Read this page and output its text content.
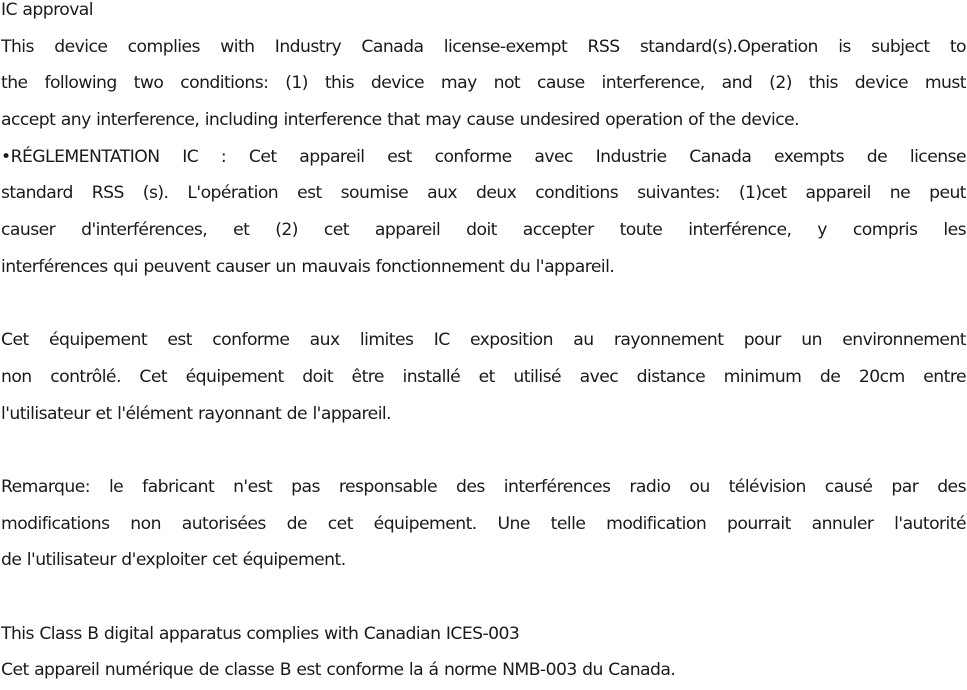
IC approval
This device complies with Industry Canada license-exempt RSS standard(s).Operation is subject to
the following two conditions: (1) this device may not cause interference, and (2) this device must
accept any interference, including interference that may cause undesired operation of the device.
•RÉGLEMENTATION IC : Cet appareil est conforme avec Industrie Canada exempts de license
standard RSS (s). L'opération est soumise aux deux conditions suivantes: (1)cet appareil ne peut
causer d'interférences, et (2) cet appareil doit accepter toute interférence, y compris les
interférences qui peuvent causer un mauvais fonctionnement du l'appareil.
Cet équipement est conforme aux limites IC exposition au rayonnement pour un environnement
non contrôlé. Cet équipement doit être installé et utilisé avec distance minimum de 20cm entre
l'utilisateur et l'élément rayonnant de l'appareil.
Remarque: le fabricant n'est pas responsable des interférences radio ou télévision causé par des
modifications non autorisées de cet équipement. Une telle modification pourrait annuler l'autorité
de l'utilisateur d'exploiter cet équipement.
This Class B digital apparatus complies with Canadian ICES-003
Cet appareil numérique de classe B est conforme la á norme NMB-003 du Canada.
